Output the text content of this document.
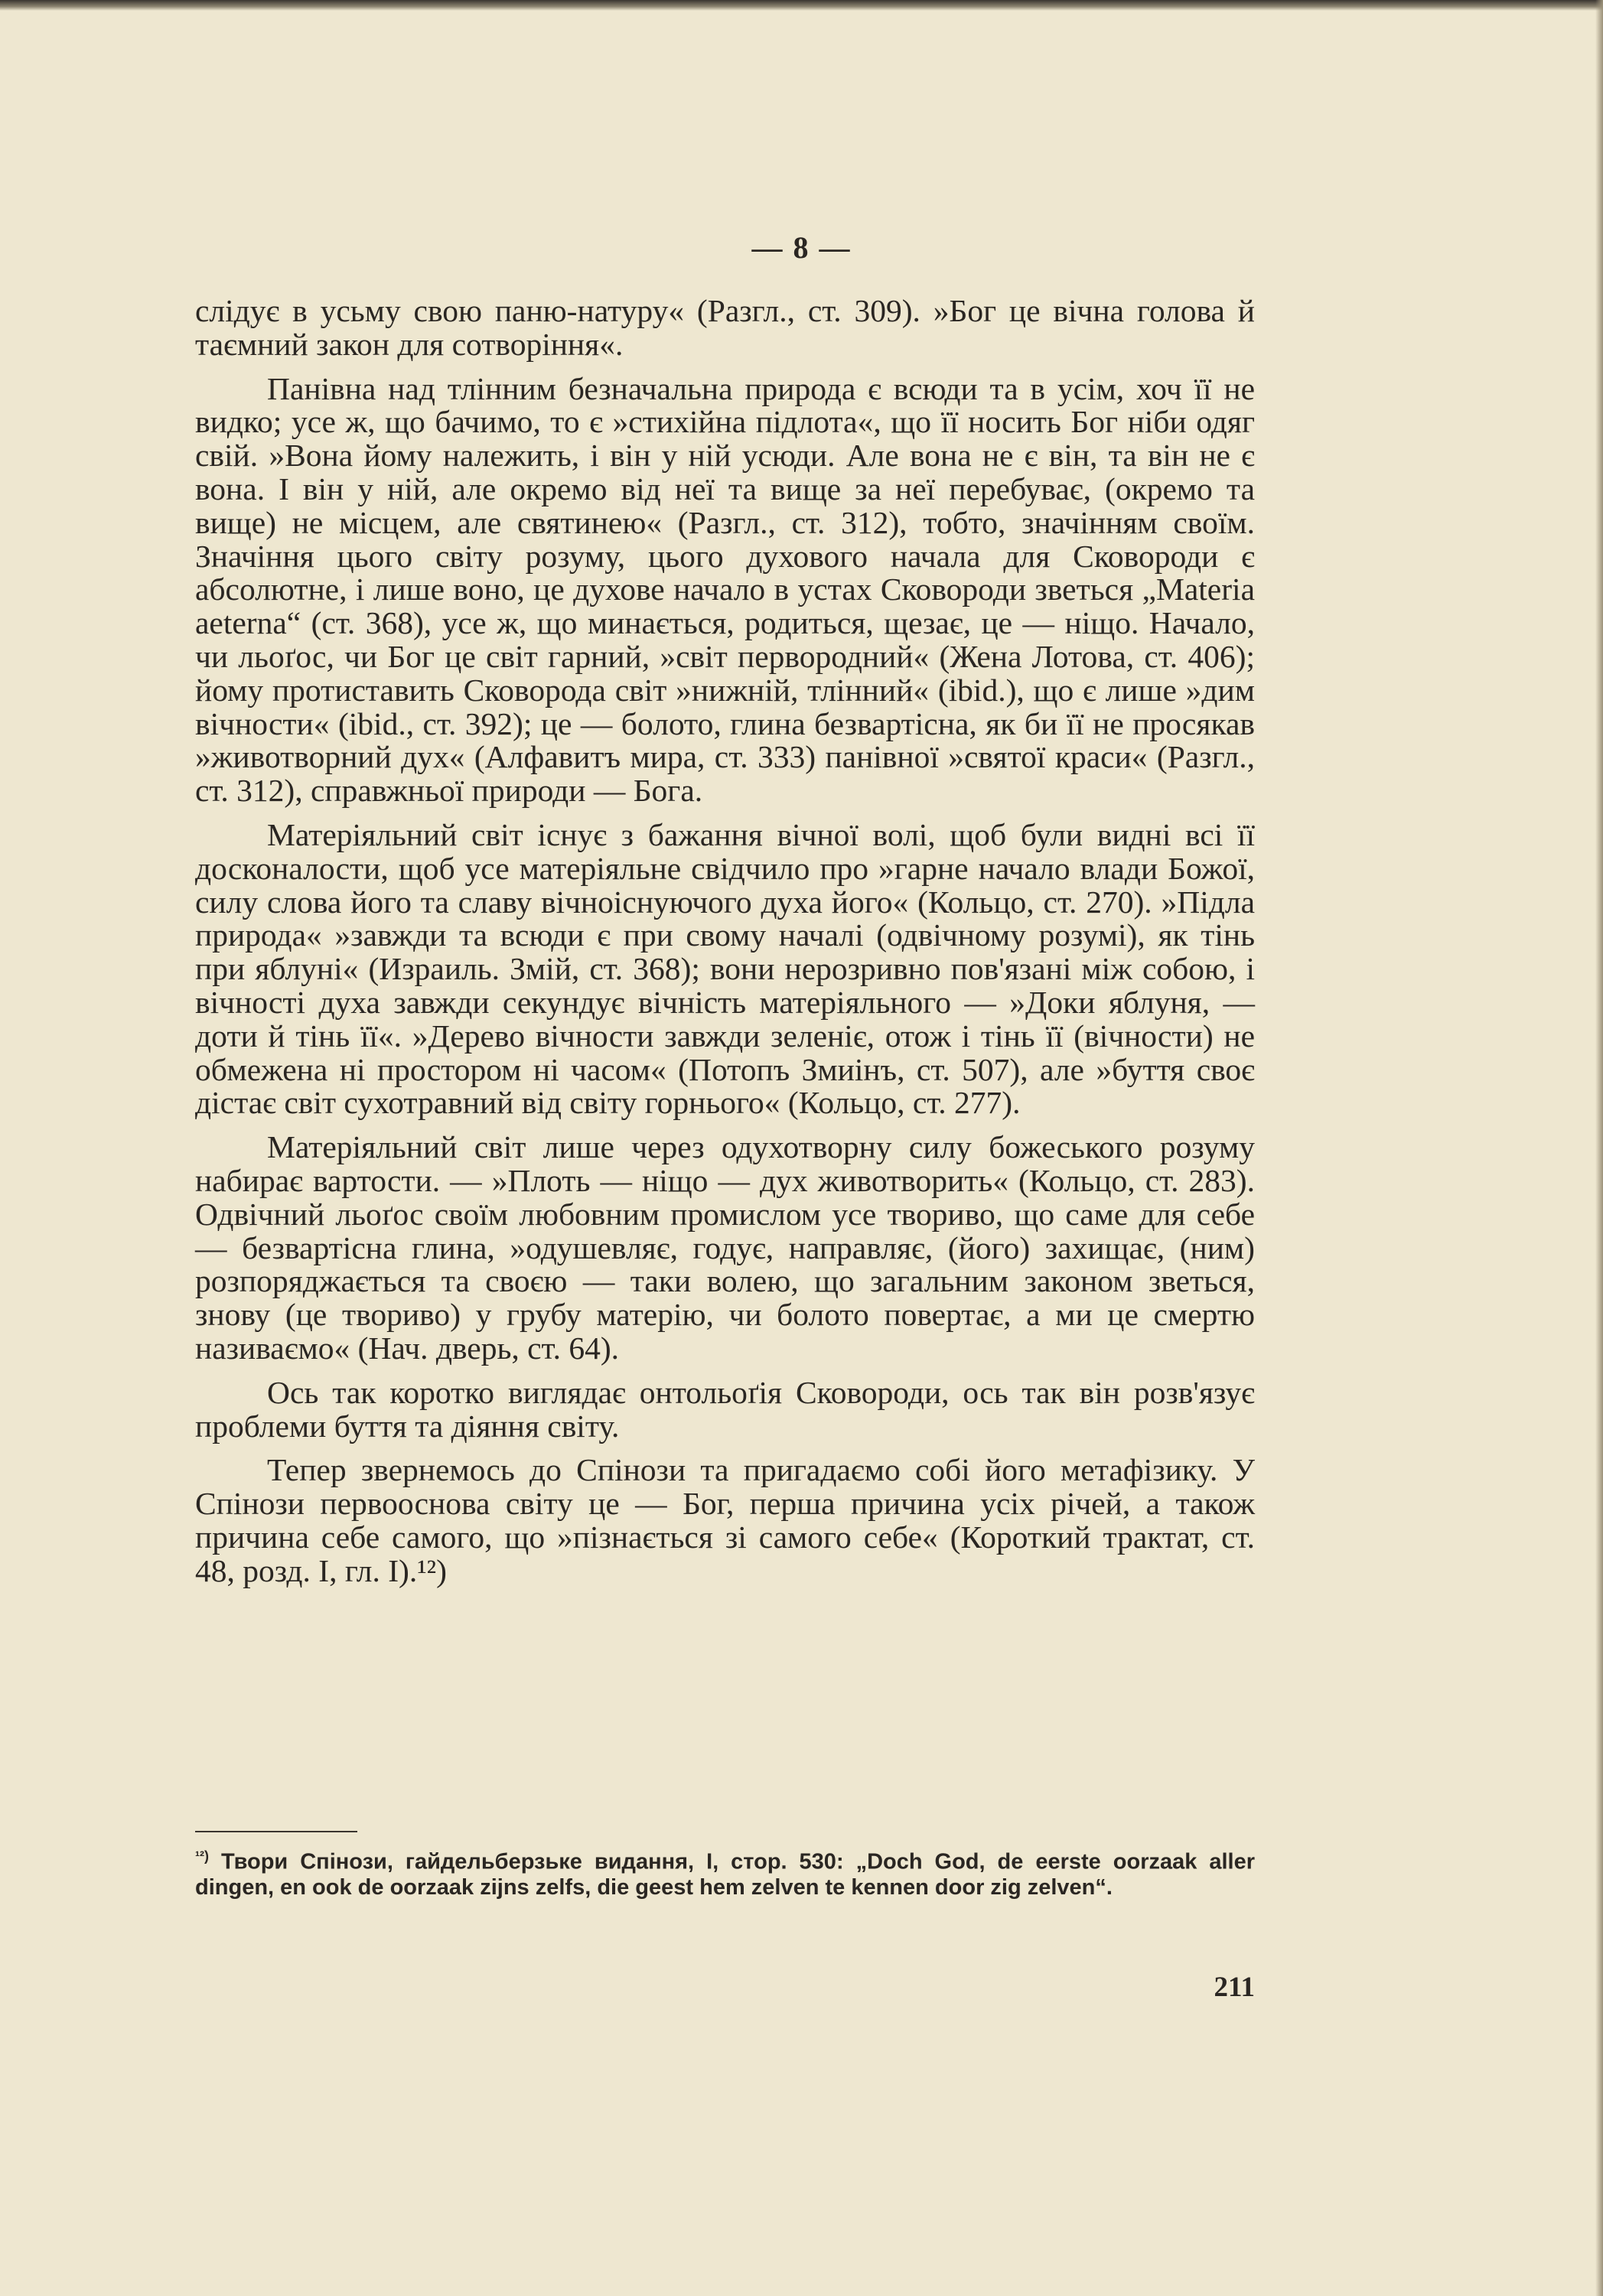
— 8 —

слідує в усьму свою паню-натуру« (Разгл., ст. 309). »Бог це вічна голова й таємний закон для сотворіння«.

Панівна над тлінним безначальна природа є всюди та в усім, хоч її не видко; усе ж, що бачимо, то є »стихійна підлота«, що її носить Бог ніби одяг свій. »Вона йому належить, і він у ній усюди. Але вона не є він, та він не є вона. І він у ній, але окремо від неї та вище за неї перебуває, (окремо та вище) не місцем, але святинею« (Разгл., ст. 312), тобто, значінням своїм. Значіння цього світу розуму, цього духового начала для Сковороди є абсолютне, і лише воно, це духове начало в устах Сковороди зветься „Materia aeterna“ (ст. 368), усе ж, що минається, родиться, щезає, це — ніщо. Начало, чи льоґос, чи Бог це світ гарний, »світ первородний« (Жена Лотова, ст. 406); йому протиставить Сковорода світ »нижній, тлінний« (ibid.), що є лише »дим вічности« (ibid., ст. 392); це — болото, глина безвартісна, як би її не просякав »животворний дух« (Алфавитъ мира, ст. 333) панівної »святої краси« (Разгл., ст. 312), справжньої природи — Бога.

Матеріяльний світ існує з бажання вічної волі, щоб були видні всі її досконалости, щоб усе матеріяльне свідчило про »гарне начало влади Божої, силу слова його та славу вічноіснуючого духа його« (Кольцо, ст. 270). »Підла природа« »завжди та всюди є при свому началі (одвічному розумі), як тінь при яблуні« (Израиль. Змій, ст. 368); вони нерозривно пов'язані між собою, і вічності духа завжди секундує вічність матеріяльного — »Доки яблуня, — доти й тінь її«. »Дерево вічности завжди зеленіє, отож і тінь її (вічности) не обмежена ні простором ні часом« (Потопъ Змиінъ, ст. 507), але »буття своє дістає світ сухотравний від світу горнього« (Кольцо, ст. 277).

Матеріяльний світ лише через одухотворну силу божеського розуму набирає вартости. — »Плоть — ніщо — дух животворить« (Кольцо, ст. 283). Одвічний льоґос своїм любовним промислом усе твориво, що саме для себе — безвартісна глина, »одушевляє, годує, направляє, (його) захищає, (ним) розпоряджається та своєю — таки волею, що загальним законом зветься, знову (це твориво) у грубу матерію, чи болото повертає, а ми це смертю називаємо« (Нач. дверь, ст. 64).

Ось так коротко виглядає онтольоґія Сковороди, ось так він розв'язує проблеми буття та діяння світу.

Тепер звернемось до Спінози та пригадаємо собі його метафізику. У Спінози первооснова світу це — Бог, перша причина усіх річей, а також причина себе самого, що »пізнається зі самого себе« (Короткий трактат, ст. 48, розд. I, гл. I).¹²)

$^{^{12})}$ Твори Спінози, гайдельберзьке видання, I, стор. 530: „Doch God, de eerste oorzaak aller dingen, en ook de oorzaak zijns zelfs, die geest hem zelven te kennen door zig zelven“.
211
